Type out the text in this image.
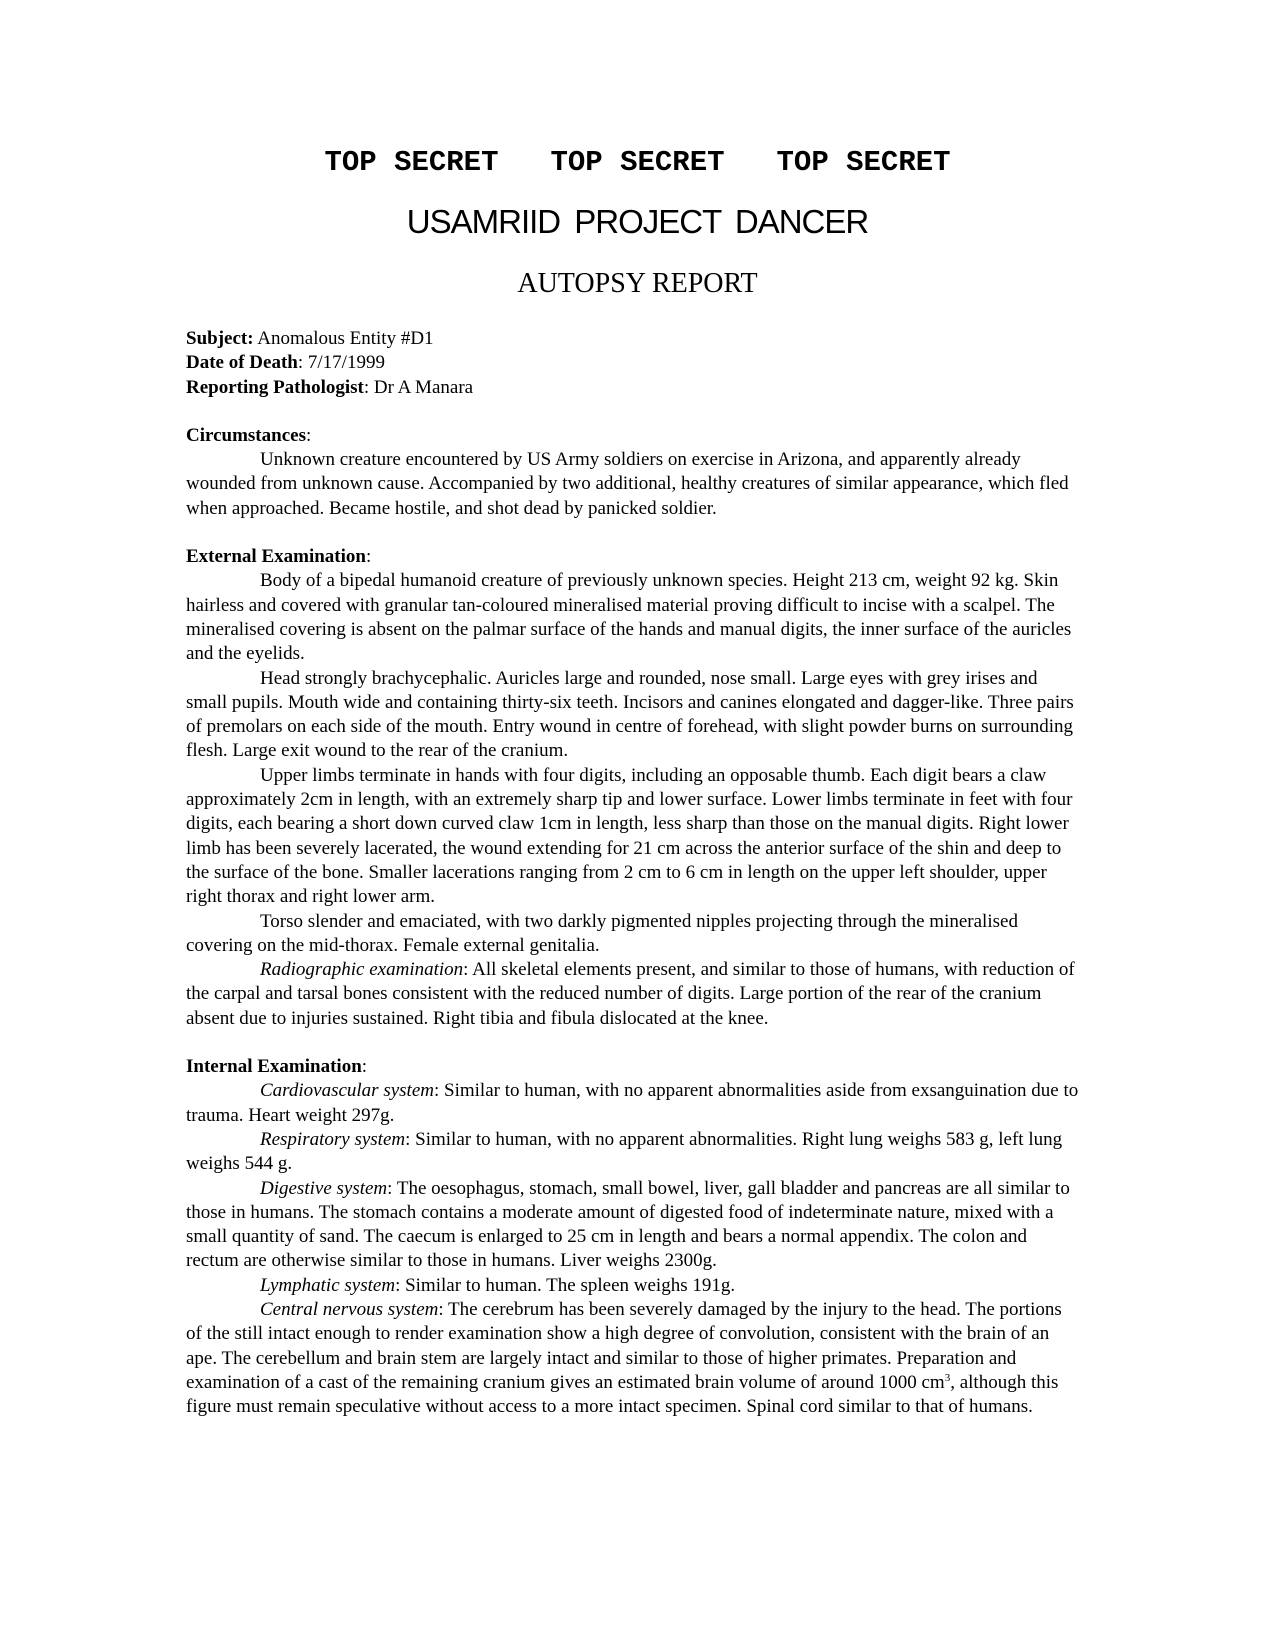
TOP SECRET TOP SECRET TOP SECRET
USAMRIID PROJECT DANCER
AUTOPSY REPORT

Subject: Anomalous Entity #D1

Date of Death: 7/17/1999

Reporting Pathologist: Dr A Manara

Circumstances:

Unknown creature encountered by US Army soldiers on exercise in Arizona, and apparently already wounded from unknown cause. Accompanied by two additional, healthy creatures of similar appearance, which fled when approached. Became hostile, and shot dead by panicked soldier.

External Examination:

Body of a bipedal humanoid creature of previously unknown species. Height 213 cm, weight 92 kg. Skin hairless and covered with granular tan-coloured mineralised material proving difficult to incise with a scalpel. The mineralised covering is absent on the palmar surface of the hands and manual digits, the inner surface of the auricles and the eyelids.

Head strongly brachycephalic. Auricles large and rounded, nose small. Large eyes with grey irises and small pupils. Mouth wide and containing thirty-six teeth. Incisors and canines elongated and dagger-like. Three pairs of premolars on each side of the mouth. Entry wound in centre of forehead, with slight powder burns on surrounding flesh. Large exit wound to the rear of the cranium.

Upper limbs terminate in hands with four digits, including an opposable thumb. Each digit bears a claw approximately 2cm in length, with an extremely sharp tip and lower surface. Lower limbs terminate in feet with four digits, each bearing a short down curved claw 1cm in length, less sharp than those on the manual digits. Right lower limb has been severely lacerated, the wound extending for 21 cm across the anterior surface of the shin and deep to the surface of the bone. Smaller lacerations ranging from 2 cm to 6 cm in length on the upper left shoulder, upper right thorax and right lower arm.

Torso slender and emaciated, with two darkly pigmented nipples projecting through the mineralised covering on the mid-thorax. Female external genitalia.

Radiographic examination: All skeletal elements present, and similar to those of humans, with reduction of the carpal and tarsal bones consistent with the reduced number of digits. Large portion of the rear of the cranium absent due to injuries sustained. Right tibia and fibula dislocated at the knee.

Internal Examination:

Cardiovascular system: Similar to human, with no apparent abnormalities aside from exsanguination due to trauma. Heart weight 297g.

Respiratory system: Similar to human, with no apparent abnormalities. Right lung weighs 583 g, left lung weighs 544 g.

Digestive system: The oesophagus, stomach, small bowel, liver, gall bladder and pancreas are all similar to those in humans. The stomach contains a moderate amount of digested food of indeterminate nature, mixed with a small quantity of sand. The caecum is enlarged to 25 cm in length and bears a normal appendix. The colon and rectum are otherwise similar to those in humans. Liver weighs 2300g.

Lymphatic system: Similar to human. The spleen weighs 191g.

Central nervous system: The cerebrum has been severely damaged by the injury to the head. The portions of the still intact enough to render examination show a high degree of convolution, consistent with the brain of an ape. The cerebellum and brain stem are largely intact and similar to those of higher primates. Preparation and examination of a cast of the remaining cranium gives an estimated brain volume of around 1000 $cm^3$, although this figure must remain speculative without access to a more intact specimen. Spinal cord similar to that of humans.
